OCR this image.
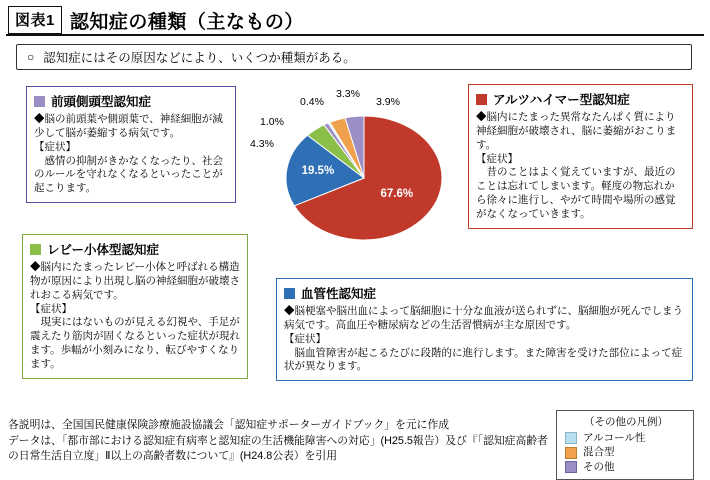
図表1 認知症の種類（主なもの）
○ 認知症にはその原因などにより、いくつか種類がある。
前頭側頭型認知症
◆脳の前頭葉や側頭葉で、神経細胞が減少して脳が萎縮する病気です。
【症状】
感情の抑制がきかなくなったり、社会のルールを守れなくなるといったことが起こります。
レビー小体型認知症
◆脳内にたまったレビー小体と呼ばれる構造物が原因により出現し脳の神経細胞が破壊されおこる病気です。
【症状】
現実にはないものが見える幻視や、手足が震えたり筋肉が固くなるといった症状が現れます。歩幅が小刻みになり、転びやすくなります。
アルツハイマー型認知症
◆脳内にたまった異常なたんぱく質により神経細胞が破壊され、脳に萎縮がおこります。
【症状】
昔のことはよく覚えていますが、最近のことは忘れてしまいます。軽度の物忘れから徐々に進行し、やがて時間や場所の感覚がなくなっていきます。
血管性認知症
◆脳梗塞や脳出血によって脳細胞に十分な血液が送られずに、脳細胞が死んでしまう病気です。高血圧や糖尿病などの生活習慣病が主な原因です。
【症状】
脳血管障害が起こるたびに段階的に進行します。また障害を受けた部位によって症状が異なります。
67.6%
19.5%
4.3%
1.0%
0.4%
3.3%
3.9%
（その他の凡例）
アルコール性
混合型
その他
各説明は、全国国民健康保険診療施設協議会「認知症サポーターガイドブック」を元に作成
データは、「都市部における認知症有病率と認知症の生活機能障害への対応」(H25.5報告）及び『「認知症高齢者の日常生活自立度」Ⅱ以上の高齢者数について』(H24.8公表）を引用
